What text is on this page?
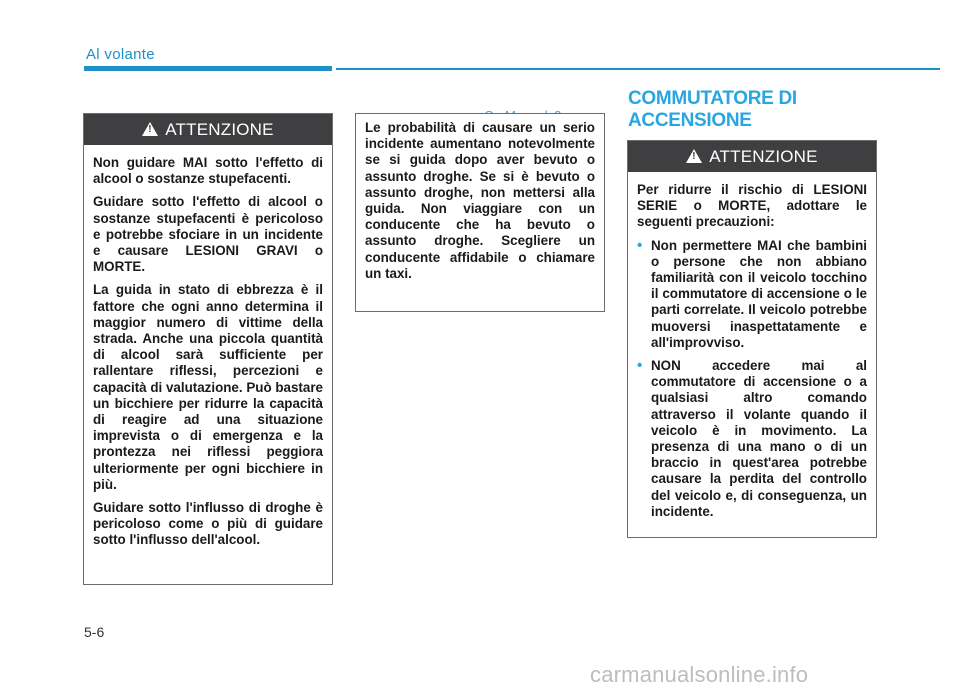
Al volante
!
ATTENZIONE

Non guidare MAI sotto l'effetto di alcool o sostanze stupefacenti.

Guidare sotto l'effetto di alcool o sostanze stupefacenti è pericoloso e potrebbe sfociare in un incidente e causare LESIONI GRAVI o MORTE.

La guida in stato di ebbrezza è il fattore che ogni anno determina il maggior numero di vittime della strada. Anche una piccola quantità di alcool sarà sufficiente per rallentare riflessi, percezioni e capacità di valutazione. Può bastare un bicchiere per ridurre la capacità di reagire ad una situazione imprevista o di emergenza e la prontezza nei riflessi peggiora ulteriormente per ogni bicchiere in più.

Guidare sotto l'influsso di droghe è pericoloso come o più di guidare sotto l'influsso dell'alcool.

Le probabilità di causare un serio incidente aumentano notevolmente se si guida dopo aver bevuto o assunto droghe. Se si è bevuto o assunto droghe, non mettersi alla guida. Non viaggiare con un conducente che ha bevuto o assunto droghe. Scegliere un conducente affidabile o chiamare un taxi.

COMMUTATORE DI
ACCENSIONE
!
ATTENZIONE

Per ridurre il rischio di LESIONI SERIE o MORTE, adottare le seguenti precauzioni:

• Non permettere MAI che bambini o persone che non abbiano familiarità con il veicolo tocchino il commutatore di accensione o le parti correlate. Il veicolo potrebbe muoversi inaspettatamente e all'improvviso.
• NON accedere mai al commutatore di accensione o a qualsiasi altro comando attraverso il volante quando il veicolo è in movimento. La presenza di una mano o di un braccio in quest'area potrebbe causare la perdita del controllo del veicolo e, di conseguenza, un incidente.
5-6
carmanualsonline.info
